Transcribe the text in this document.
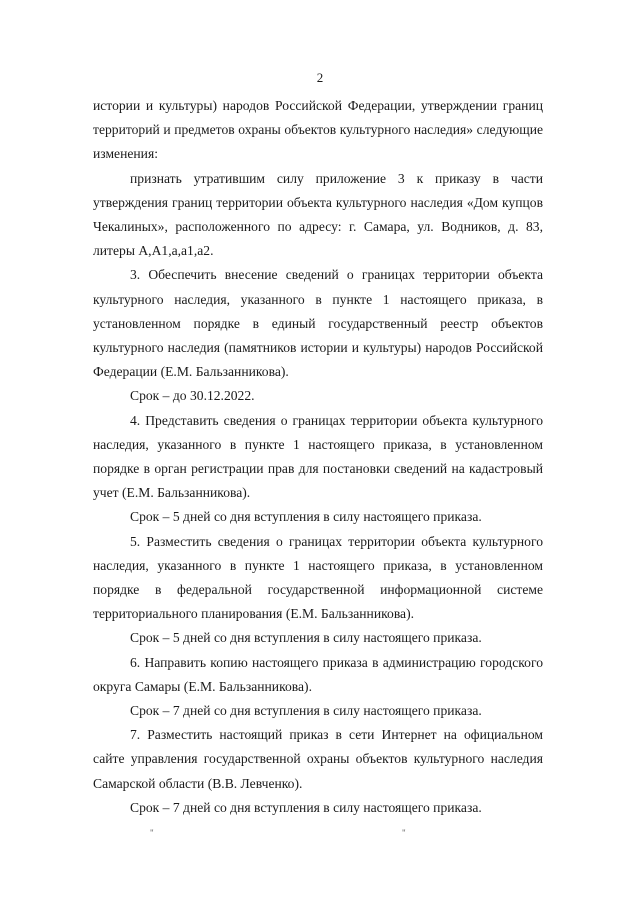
2

истории и культуры) народов Российской Федерации, утверждении границ территорий и предметов охраны объектов культурного наследия» следующие изменения:

признать утратившим силу приложение 3 к приказу в части утверждения границ территории объекта культурного наследия «Дом купцов Чекалиных», расположенного по адресу: г. Самара, ул. Водников, д. 83, литеры А,А1,а,а1,а2.

3. Обеспечить внесение сведений о границах территории объекта культурного наследия, указанного в пункте 1 настоящего приказа, в установленном порядке в единый государственный реестр объектов культурного наследия (памятников истории и культуры) народов Российской Федерации (Е.М. Бальзанникова).

Срок – до 30.12.2022.

4. Представить сведения о границах территории объекта культурного наследия, указанного в пункте 1 настоящего приказа, в установленном порядке в орган регистрации прав для постановки сведений на кадастровый учет (Е.М. Бальзанникова).

Срок – 5 дней со дня вступления в силу настоящего приказа.

5. Разместить сведения о границах территории объекта культурного наследия, указанного в пункте 1 настоящего приказа, в установленном порядке в федеральной государственной информационной системе территориального планирования (Е.М. Бальзанникова).

Срок – 5 дней со дня вступления в силу настоящего приказа.

6. Направить копию настоящего приказа в администрацию городского округа Самары (Е.М. Бальзанникова).

Срок – 7 дней со дня вступления в силу настоящего приказа.

7. Разместить настоящий приказ в сети Интернет на официальном сайте управления государственной охраны объектов культурного наследия Самарской области (В.В. Левченко).

Срок – 7 дней со дня вступления в силу настоящего приказа.

"	"
